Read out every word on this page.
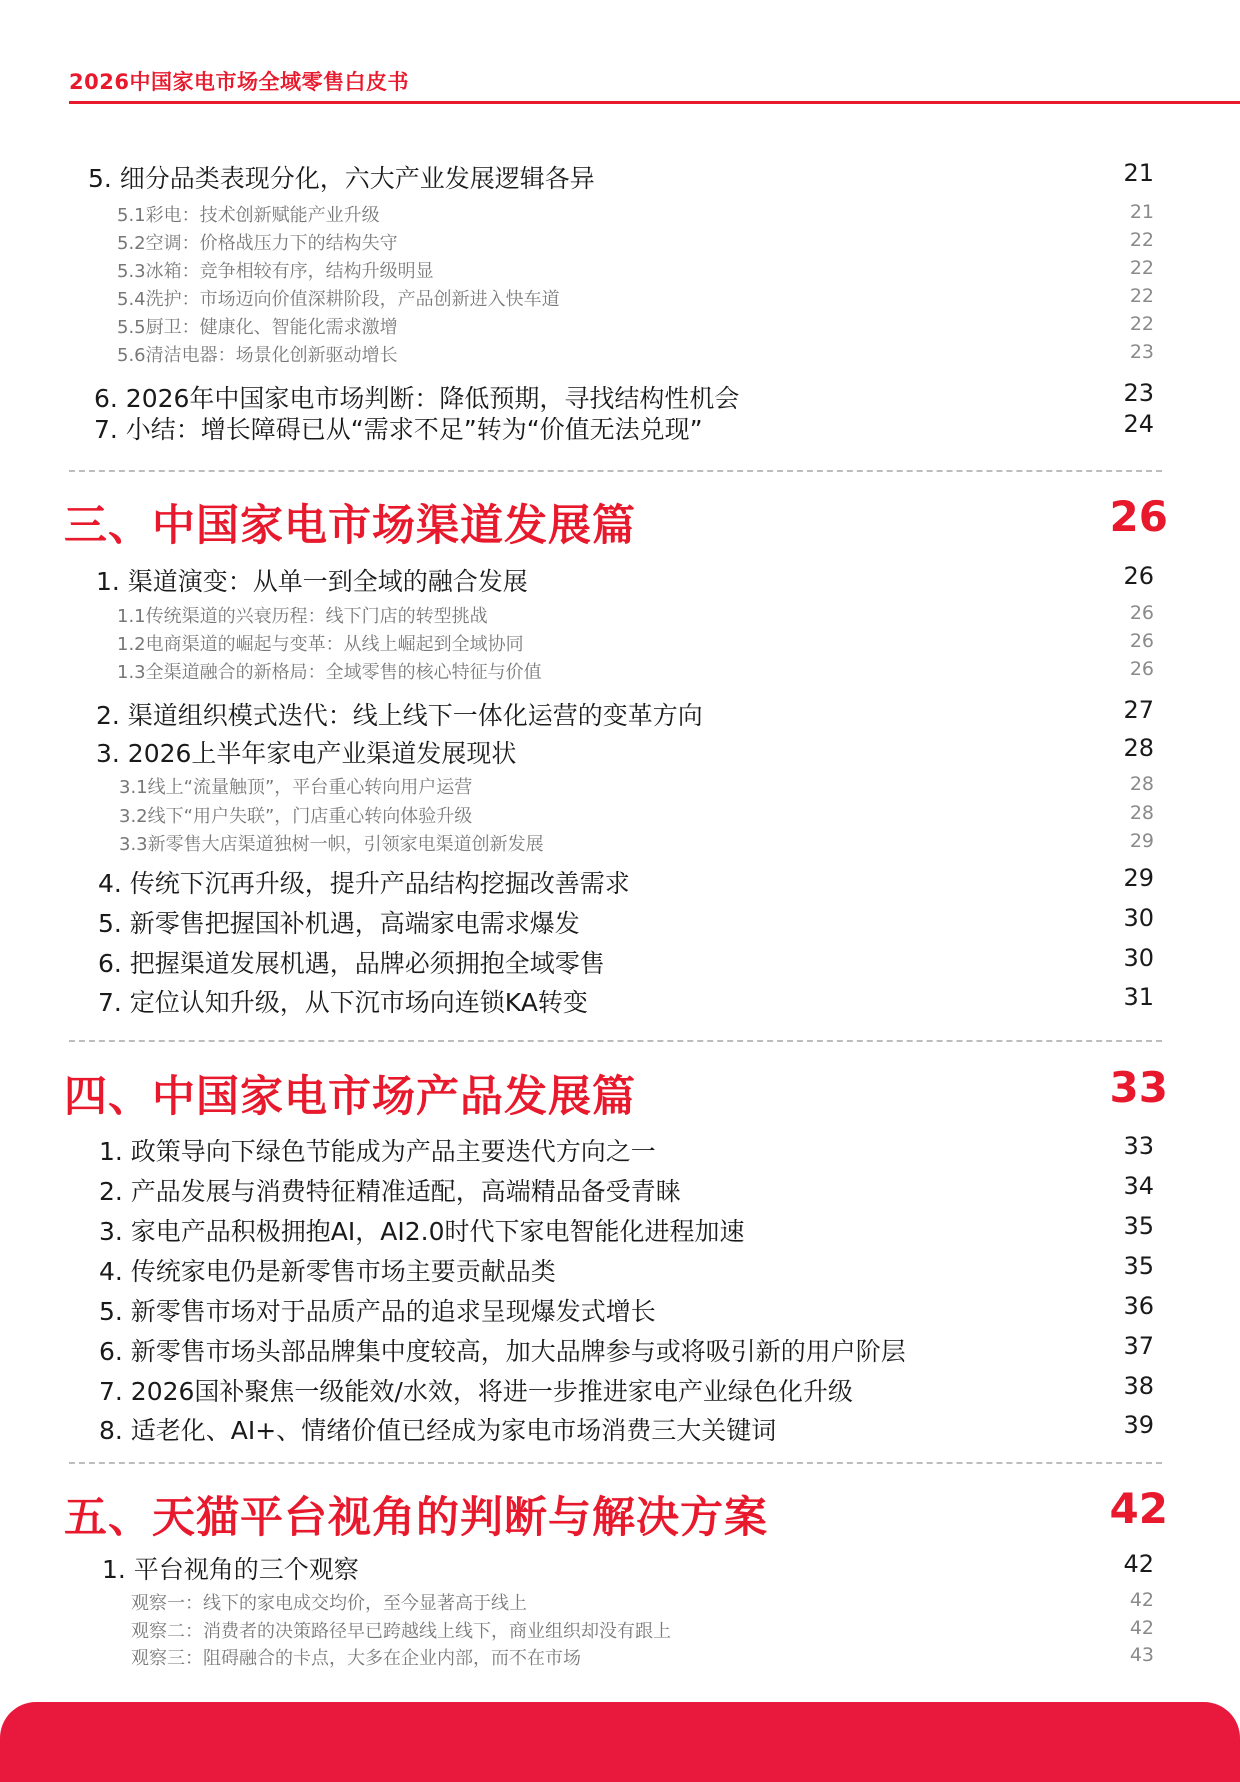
2026中国家电市场全域零售白皮书
5. 细分品类表现分化，六大产业发展逻辑各异	21
5.1彩电：技术创新赋能产业升级	21
5.2空调：价格战压力下的结构失守	22
5.3冰箱：竞争相较有序，结构升级明显	22
5.4洗护：市场迈向价值深耕阶段，产品创新进入快车道	22
5.5厨卫：健康化、智能化需求激增	22
5.6清洁电器：场景化创新驱动增长	23
6. 2026年中国家电市场判断：降低预期，寻找结构性机会	23
7. 小结：增长障碍已从“需求不足”转为“价值无法兑现”	24
三、中国家电市场渠道发展篇	26
1. 渠道演变：从单一到全域的融合发展	26
1.1传统渠道的兴衰历程：线下门店的转型挑战	26
1.2电商渠道的崛起与变革：从线上崛起到全域协同	26
1.3全渠道融合的新格局：全域零售的核心特征与价值	26
2. 渠道组织模式迭代：线上线下一体化运营的变革方向	27
3. 2026上半年家电产业渠道发展现状	28
3.1线上“流量触顶”，平台重心转向用户运营	28
3.2线下“用户失联”，门店重心转向体验升级	28
3.3新零售大店渠道独树一帜，引领家电渠道创新发展	29
4. 传统下沉再升级，提升产品结构挖掘改善需求	29
5. 新零售把握国补机遇，高端家电需求爆发	30
6. 把握渠道发展机遇，品牌必须拥抱全域零售	30
7. 定位认知升级，从下沉市场向连锁KA转变	31
四、中国家电市场产品发展篇	33
1. 政策导向下绿色节能成为产品主要迭代方向之一	33
2. 产品发展与消费特征精准适配，高端精品备受青睐	34
3. 家电产品积极拥抱AI，AI2.0时代下家电智能化进程加速	35
4. 传统家电仍是新零售市场主要贡献品类	35
5. 新零售市场对于品质产品的追求呈现爆发式增长	36
6. 新零售市场头部品牌集中度较高，加大品牌参与或将吸引新的用户阶层	37
7. 2026国补聚焦一级能效/水效，将进一步推进家电产业绿色化升级	38
8. 适老化、AI+、情绪价值已经成为家电市场消费三大关键词	39
五、天猫平台视角的判断与解决方案	42
1. 平台视角的三个观察	42
观察一：线下的家电成交均价，至今显著高于线上	42
观察二：消费者的决策路径早已跨越线上线下，商业组织却没有跟上	42
观察三：阻碍融合的卡点，大多在企业内部，而不在市场	43
